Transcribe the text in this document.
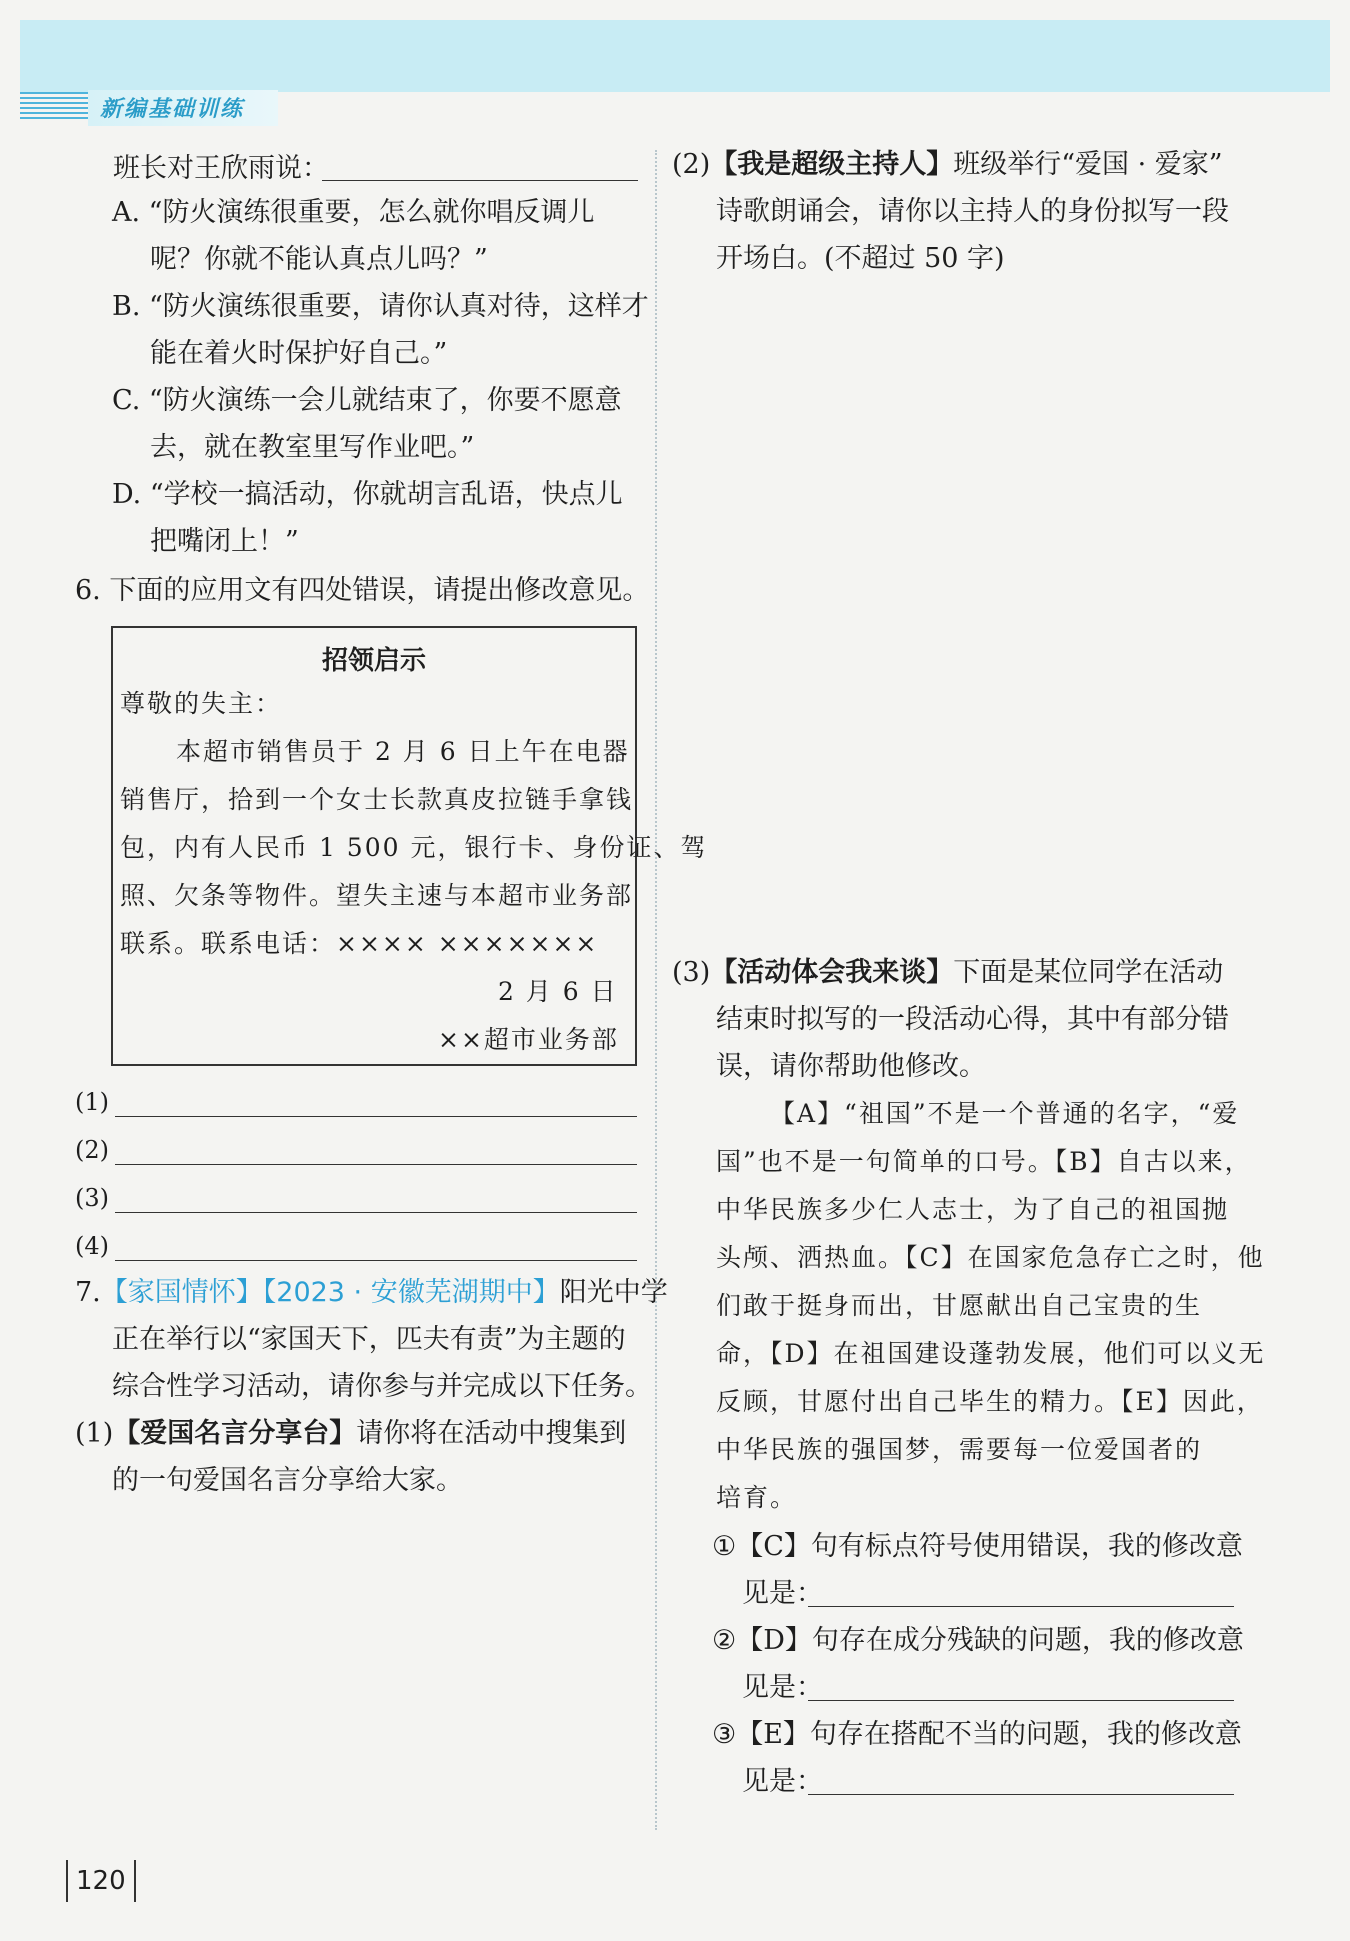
新编基础训练
班长对王欣雨说：
A. “防火演练很重要，怎么就你唱反调儿
呢？你就不能认真点儿吗？”
B. “防火演练很重要，请你认真对待，这样才
能在着火时保护好自己。”
C. “防火演练一会儿就结束了，你要不愿意
去，就在教室里写作业吧。”
D. “学校一搞活动，你就胡言乱语，快点儿
把嘴闭上！”
6. 下面的应用文有四处错误，请提出修改意见。
招领启示
尊敬的失主：
本超市销售员于 2 月 6 日上午在电器
销售厅，拾到一个女士长款真皮拉链手拿钱
包，内有人民币 1 500 元，银行卡、身份证、驾
照、欠条等物件。望失主速与本超市业务部
联系。联系电话：×××× ×××××××
2 月 6 日
××超市业务部
(1)
(2)
(3)
(4)
7.【家国情怀】【2023 · 安徽芜湖期中】阳光中学
正在举行以“家国天下，匹夫有责”为主题的
综合性学习活动，请你参与并完成以下任务。
(1)【爱国名言分享台】请你将在活动中搜集到
的一句爱国名言分享给大家。
(2)【我是超级主持人】班级举行“爱国 · 爱家”
诗歌朗诵会，请你以主持人的身份拟写一段
开场白。(不超过 50 字)
(3)【活动体会我来谈】下面是某位同学在活动
结束时拟写的一段活动心得，其中有部分错
误，请你帮助他修改。
【A】“祖国”不是一个普通的名字，“爱
国”也不是一句简单的口号。【B】自古以来，
中华民族多少仁人志士，为了自己的祖国抛
头颅、洒热血。【C】在国家危急存亡之时，他
们敢于挺身而出，甘愿献出自己宝贵的生
命，【D】在祖国建设蓬勃发展，他们可以义无
反顾，甘愿付出自己毕生的精力。【E】因此，
中华民族的强国梦，需要每一位爱国者的
培育。
①【C】句有标点符号使用错误，我的修改意
见是：
②【D】句存在成分残缺的问题，我的修改意
见是：
③【E】句存在搭配不当的问题，我的修改意
见是：
120
